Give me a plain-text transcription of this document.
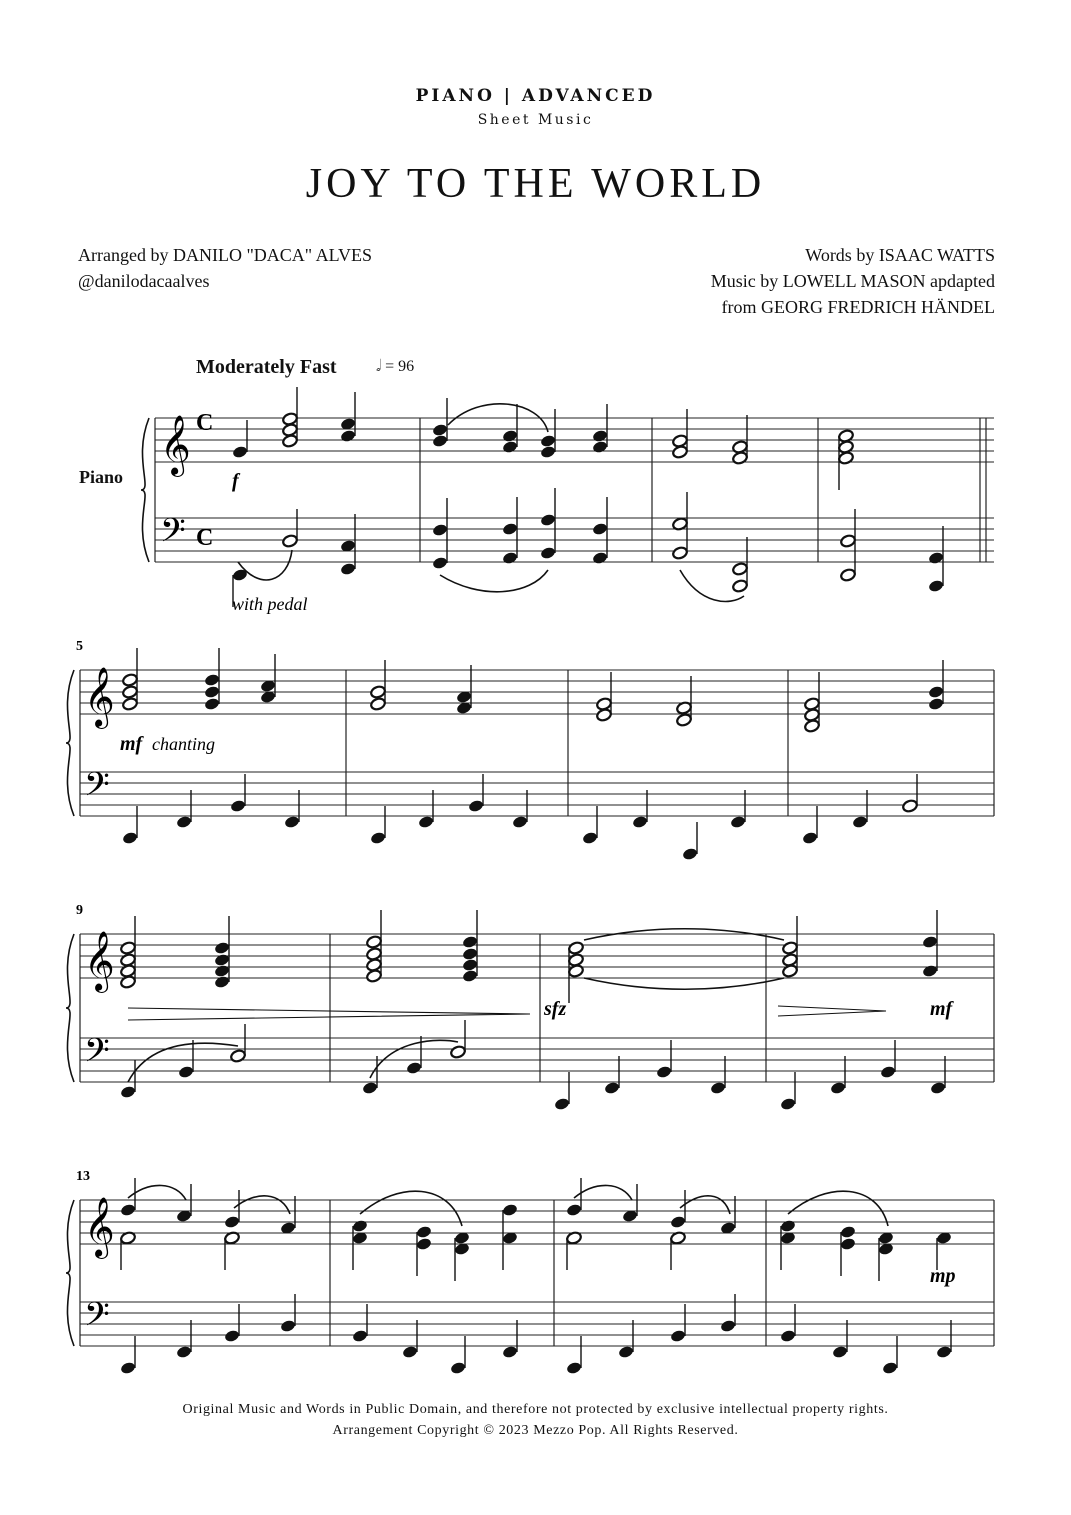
PIANO | ADVANCED
Sheet Music
JOY TO THE WORLD
Arranged by DANILO "DACA" ALVES
@danilodacaalves
Words by ISAAC WATTS
Music by LOWELL MASON apdapted
from GEORG FREDRICH HÄNDEL
Moderately Fast 𝅗𝅥 = 96
Piano
𝄞
𝄢
𝄞
𝄢
𝄞
𝄢
𝄞
𝄢
5
9
13
C
C
f
with pedal
mf chanting
sfz	mf
mp
Original Music and Words in Public Domain, and therefore not protected by exclusive intellectual property rights.
Arrangement Copyright © 2023 Mezzo Pop. All Rights Reserved.
